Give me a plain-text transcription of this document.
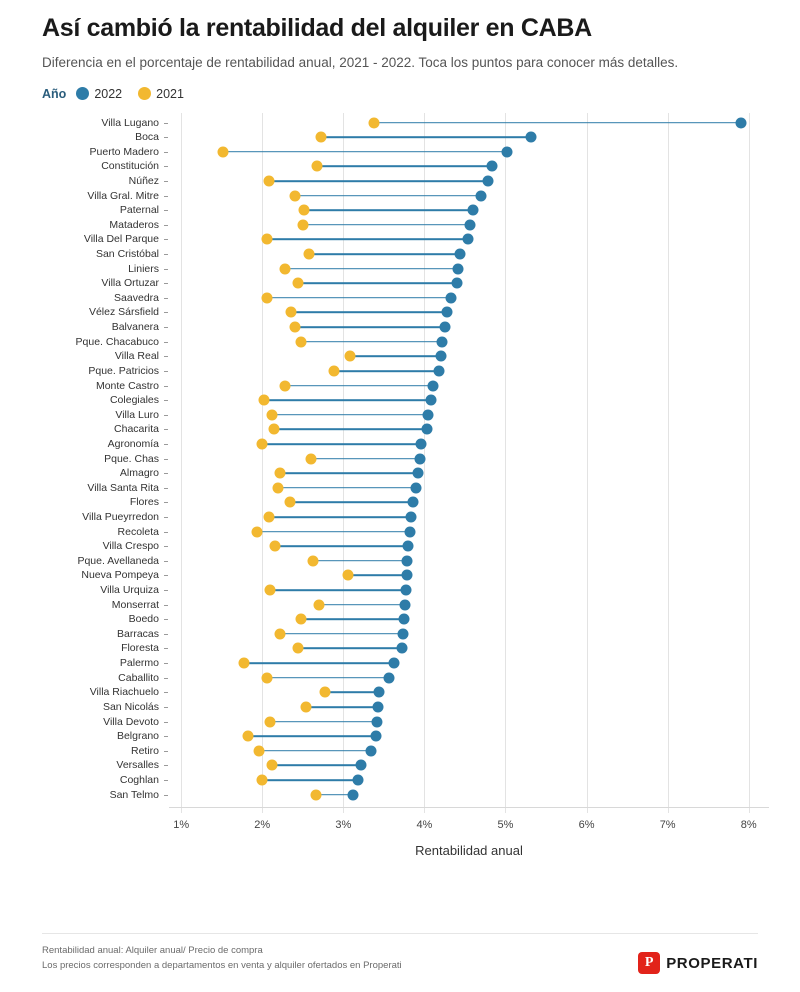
Así cambió la rentabilidad del alquiler en CABA
Diferencia en el porcentaje de rentabilidad anual, 2021 - 2022. Toca los puntos para conocer más detalles.
Año 2022	2021
Villa Lugano
Boca
Puerto Madero
Constitución
Núñez
Villa Gral. Mitre
Paternal
Mataderos
Villa Del Parque
San Cristóbal
Liniers
Villa Ortuzar
Saavedra
Vélez Sársfield
Balvanera
Pque. Chacabuco
Villa Real
Pque. Patricios
Monte Castro
Colegiales
Villa Luro
Chacarita
Agronomía
Pque. Chas
Almagro
Villa Santa Rita
Flores
Villa Pueyrredon
Recoleta
Villa Crespo
Pque. Avellaneda
Nueva Pompeya
Villa Urquiza
Monserrat
Boedo
Barracas
Floresta
Palermo
Caballito
Villa Riachuelo
San Nicolás
Villa Devoto
Belgrano
Retiro
Versalles
Coghlan
San Telmo
1%	2%	3%	4%	5%	6%	7%	8%
Rentabilidad anual
Rentabilidad anual: Alquiler anual/ Precio de compra
Los precios corresponden a departamentos en venta y alquiler ofertados en Properati	P PROPERATI
